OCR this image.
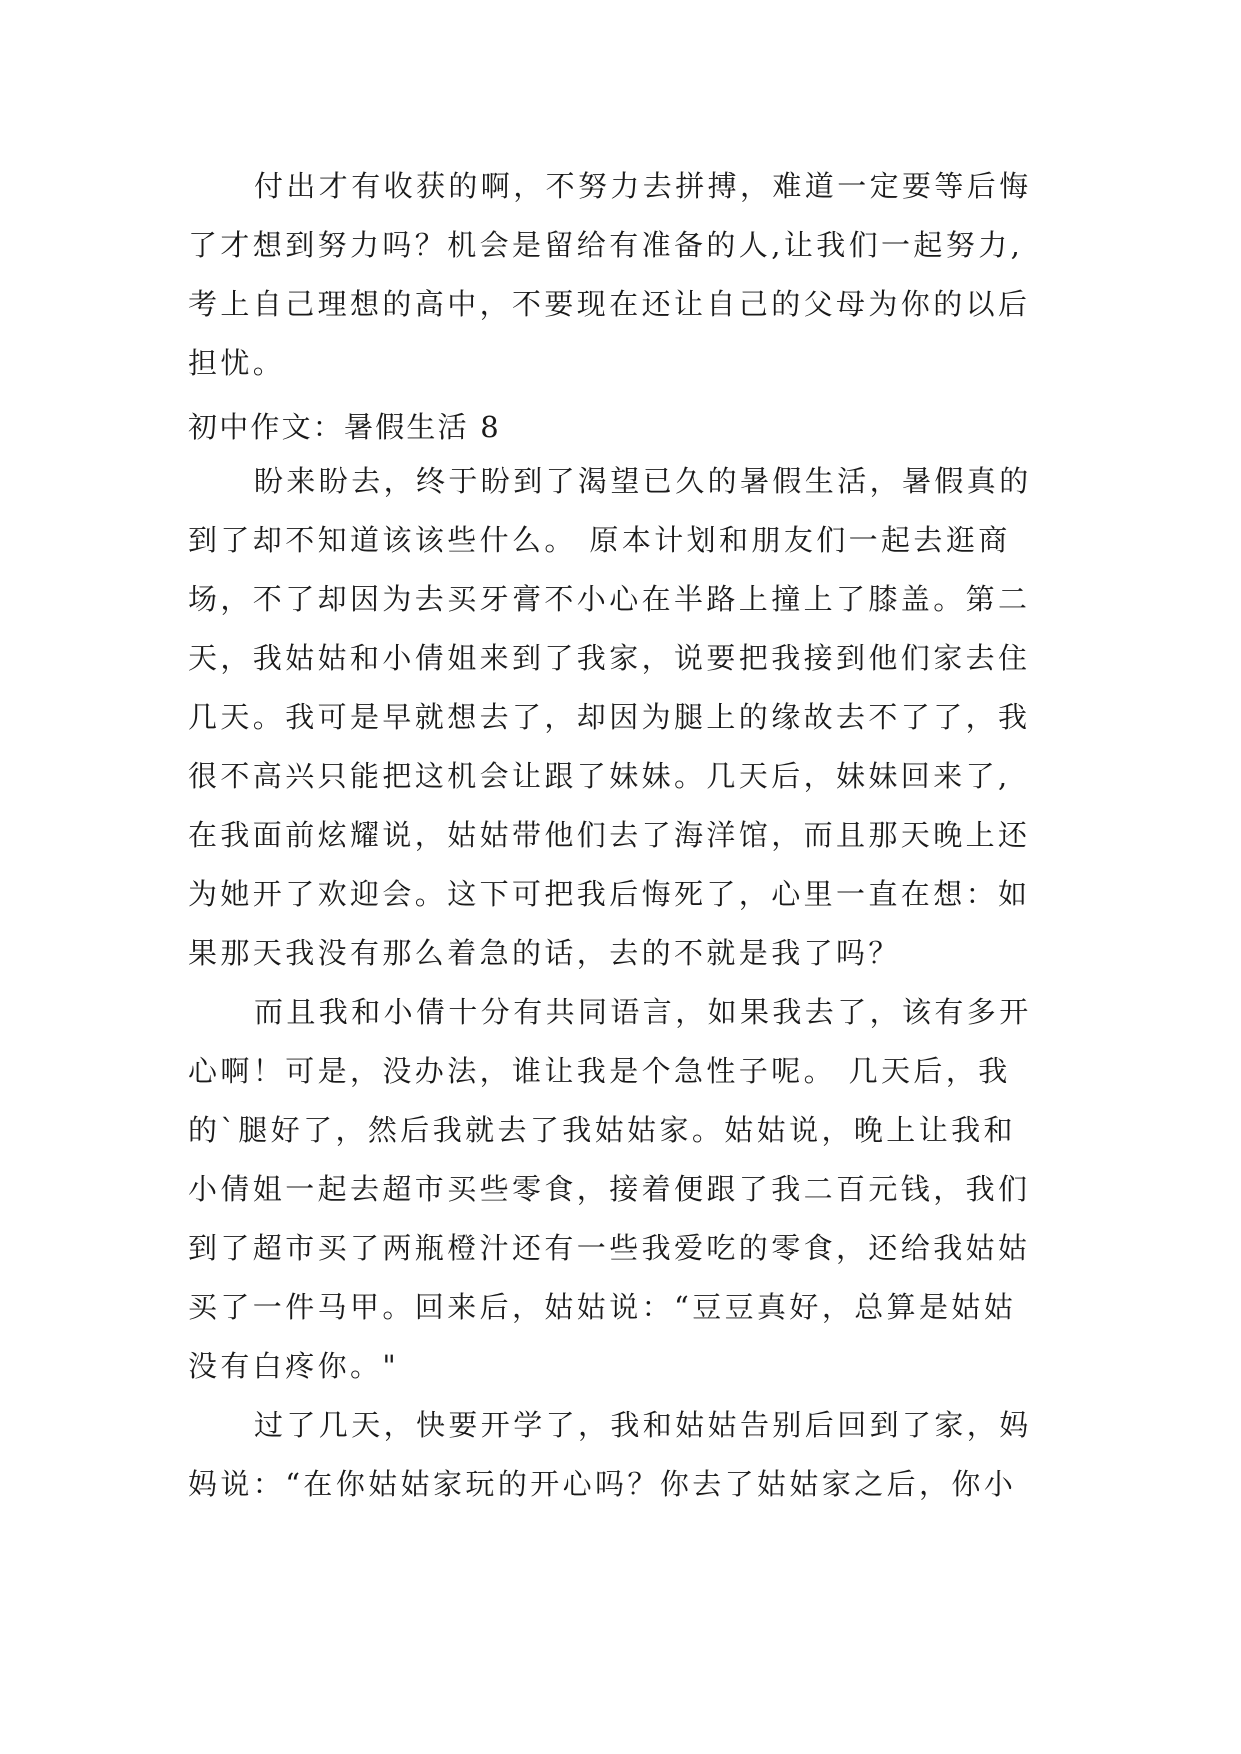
付出才有收获的啊，不努力去拼搏，难道一定要等后悔
了才想到努力吗？机会是留给有准备的人,让我们一起努力,
考上自己理想的高中，不要现在还让自己的父母为你的以后
担忧。
初中作文：暑假生活 8
盼来盼去，终于盼到了渴望已久的暑假生活，暑假真的
到了却不知道该该些什么。 原本计划和朋友们一起去逛商
场，不了却因为去买牙膏不小心在半路上撞上了膝盖。第二
天，我姑姑和小倩姐来到了我家，说要把我接到他们家去住
几天。我可是早就想去了，却因为腿上的缘故去不了了，我
很不高兴只能把这机会让跟了妹妹。几天后，妹妹回来了,
在我面前炫耀说，姑姑带他们去了海洋馆，而且那天晚上还
为她开了欢迎会。这下可把我后悔死了，心里一直在想：如
果那天我没有那么着急的话，去的不就是我了吗？
而且我和小倩十分有共同语言，如果我去了，该有多开
心啊！可是，没办法，谁让我是个急性子呢。 几天后，我
的`腿好了，然后我就去了我姑姑家。姑姑说，晚上让我和
小倩姐一起去超市买些零食，接着便跟了我二百元钱，我们
到了超市买了两瓶橙汁还有一些我爱吃的零食，还给我姑姑
买了一件马甲。回来后，姑姑说：“豆豆真好，总算是姑姑
没有白疼你。"
过了几天，快要开学了，我和姑姑告别后回到了家，妈
妈说：“在你姑姑家玩的开心吗？你去了姑姑家之后，你小
